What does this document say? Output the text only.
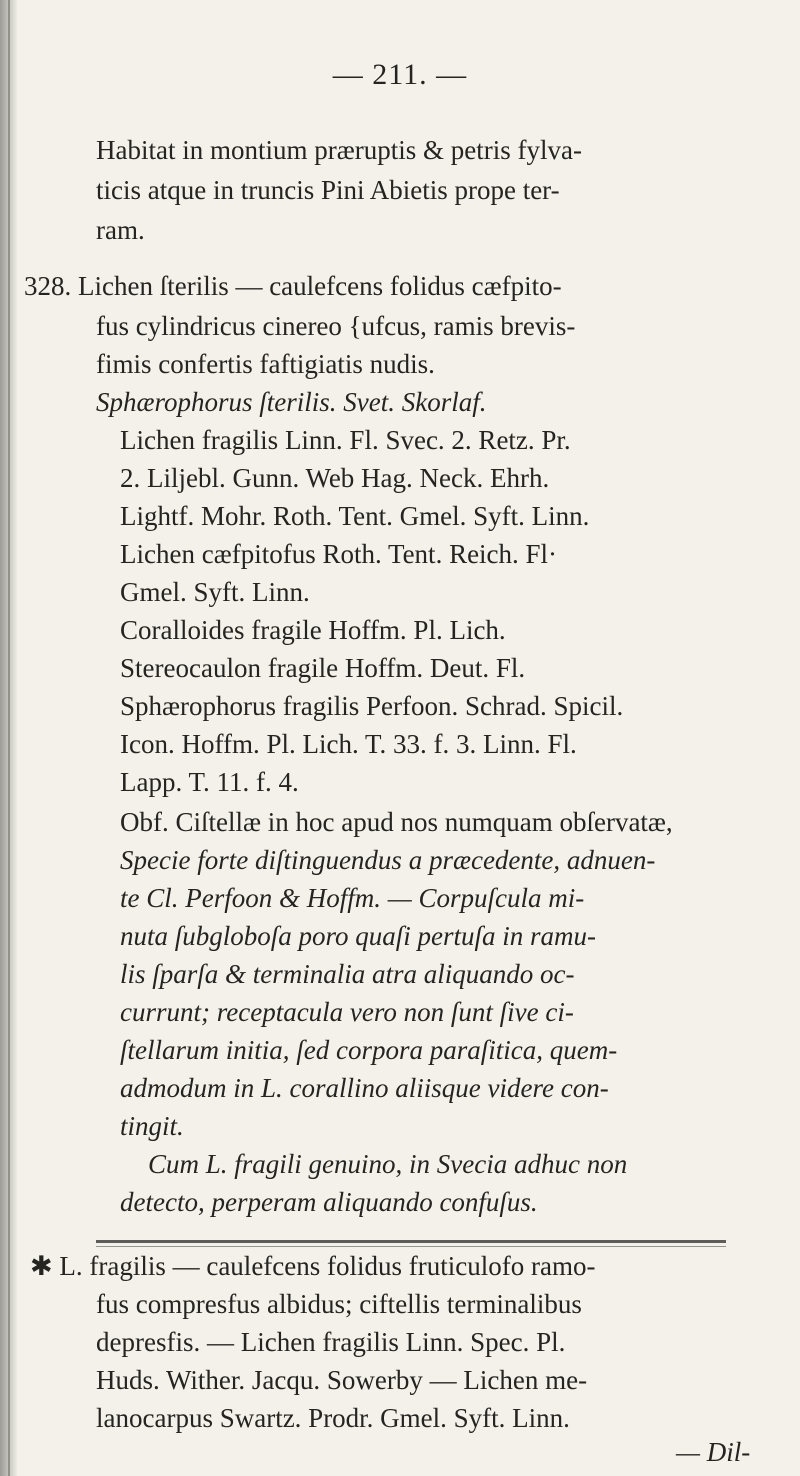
— 211. —
Habitat in montium præruptis & petris fylva-
ticis atque in truncis Pini Abietis prope ter-
ram.
328. Lichen ſterilis — caulefcens folidus cæfpito-
fus cylindricus cinereo {ufcus, ramis brevis-
fimis confertis faftigiatis nudis.
Sphærophorus ſterilis. Svet. Skorlaf.
Lichen fragilis Linn. Fl. Svec. 2. Retz. Pr.
2. Liljebl. Gunn. Web Hag. Neck. Ehrh.
Lightf. Mohr. Roth. Tent. Gmel. Syft. Linn.
Lichen cæfpitofus Roth. Tent. Reich. Fl·
Gmel. Syft. Linn.
Coralloides fragile Hoffm. Pl. Lich.
Stereocaulon fragile Hoffm. Deut. Fl.
Sphærophorus fragilis Perfoon. Schrad. Spicil.
Icon. Hoffm. Pl. Lich. T. 33. f. 3. Linn. Fl.
Lapp. T. 11. f. 4.
Obf. Ciſtellæ in hoc apud nos numquam obſervatæ,
Specie forte diſtinguendus a præcedente, adnuen-
te Cl. Perfoon & Hoffm. — Corpuſcula mi-
nuta ſubgloboſa poro quaſi pertuſa in ramu-
lis ſparſa & terminalia atra aliquando oc-
currunt; receptacula vero non ſunt ſive ci-
ſtellarum initia, ſed corpora paraſitica, quem-
admodum in L. corallino aliisque videre con-
tingit.
Cum L. fragili genuino, in Svecia adhuc non
detecto, perperam aliquando confuſus.
✱ L. fragilis — caulefcens folidus fruticulofo ramo-
fus compresfus albidus; ciftellis terminalibus
depresfis. — Lichen fragilis Linn. Spec. Pl.
Huds. Wither. Jacqu. Sowerby — Lichen me-
lanocarpus Swartz. Prodr. Gmel. Syft. Linn.
— Dil-
